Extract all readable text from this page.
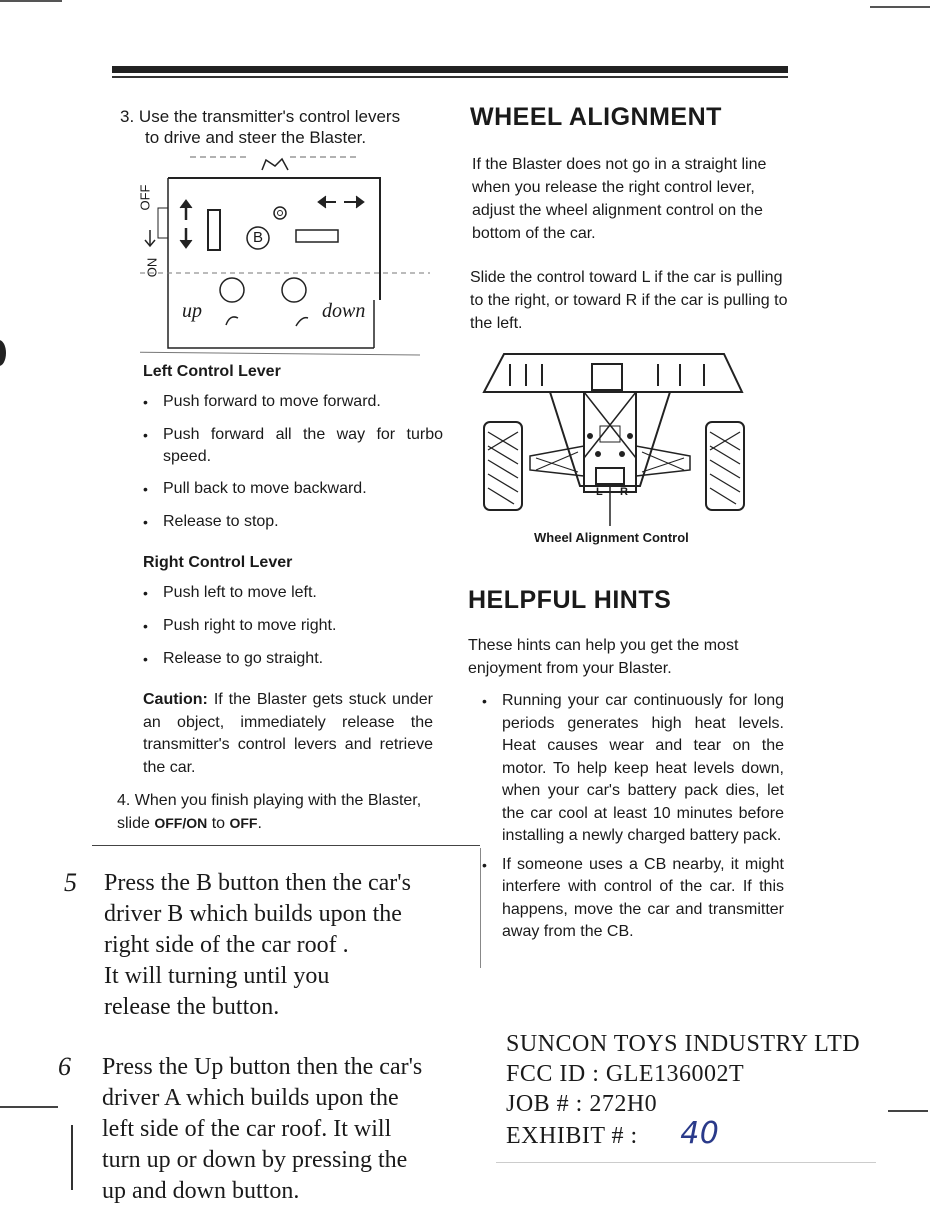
3. Use the transmitter's control levers
to drive and steer the Blaster.
OFF
ON
B
up	down
Left Control Lever
• Push forward to move forward.
• Push forward all the way for turbo speed.
• Pull back to move backward.
• Release to stop.
Right Control Lever
• Push left to move left.
• Push right to move right.
• Release to go straight.
Caution: If the Blaster gets stuck under an object, immediately release the transmitter's control levers and retrieve the car.
4. When you finish playing with the Blaster, slide OFF/ON to OFF.
WHEEL ALIGNMENT
If the Blaster does not go in a straight line when you release the right control lever, adjust the wheel alignment control on the bottom of the car.
Slide the control toward L if the car is pulling to the right, or toward R if the car is pulling to the left.
L R
Wheel Alignment Control
HELPFUL HINTS
These hints can help you get the most enjoyment from your Blaster.
• Running your car continuously for long periods generates high heat levels. Heat causes wear and tear on the motor. To help keep heat levels down, when your car's battery pack dies, let the car cool at least 10 minutes before installing a newly charged battery pack.
• If someone uses a CB nearby, it might interfere with control of the car. If this happens, move the car and transmitter away from the CB.
5 Press the B button then the car's
driver B which builds upon the
right side of the car roof .
It will turning until you
release the button.
6 Press the Up button then the car's
driver A which builds upon the
left side of the car roof. It will
turn up or down by pressing the
up and down button.
SUNCON TOYS INDUSTRY LTD
FCC ID : GLE136002T
JOB # : 272H0
EXHIBIT # : 40
